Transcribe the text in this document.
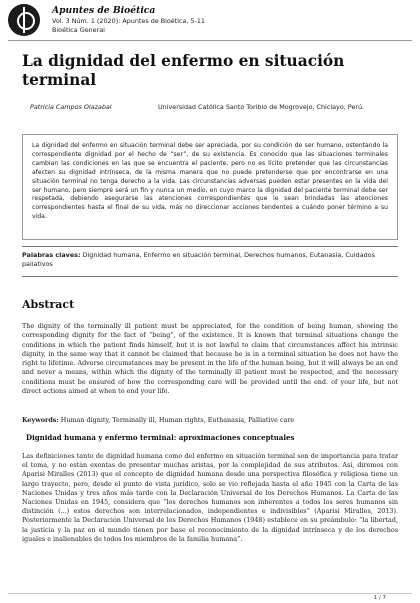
Apuntes de Bioética
Vol. 3 Núm. 1 (2020): Apuntes de Bioética, 5-11
Bioética General
La dignidad del enfermo en situación terminal
Patricia Campos Olazabal	Universidad Católica Santo Toribio de Mogrovejo, Chiclayo, Perú.

La dignidad del enfermo en situación terminal debe ser apreciada, por su condición de ser humano, ostentando la correspondiente dignidad por el hecho de “ser”, de su existencia. Es conocido que las situaciones terminales cambian las condiciones en las que se encuentra el paciente, pero no es lícito pretender que las circunstancias afecten su dignidad intrínseca, de la misma manera que no puede pretenderse que por encontrarse en una situación terminal no tenga derecho a la vida. Las circunstancias adversas pueden estar presentes en la vida del ser humano, pero siempre será un fin y nunca un medio, en cuyo marco la dignidad del paciente terminal debe ser respetada, debiendo asegurarse las atenciones correspondientes que le sean brindadas las atenciones correspondientes hasta el final de su vida, más no direccionar acciones tendentes a cuándo poner término a su vida.

Palabras claves: Dignidad humana, Enfermo en situación terminal, Derechos humanos, Eutanasia, Cuidados paliativos
Abstract

The dignity of the terminally ill patient must be appreciated, for the condition of being human, showing the corresponding dignity for the fact of “being”, of the existence. It is known that terminal situations change the conditions in which the patient finds himself, but it is not lawful to claim that circumstances affect his intrinsic dignity, in the same way that it cannot be claimed that because he is in a terminal situation he does not have the right to lifetime. Adverse circumstances may be present in the life of the human being, but it will always be an end and never a means, within which the dignity of the terminally ill patient must be respected, and the necessary conditions must be ensured of how the corresponding care will be provided until the end. of your life, but not direct actions aimed at when to end your life.

Keywords: Human dignity, Terminally ill, Human rights, Euthanasia, Palliative care
Dignidad humana y enfermo terminal: aproximaciones conceptuales

Las definiciones tanto de dignidad humana como del enfermo en situación terminal son de importancia para tratar el tema, y no están exentas de presentar muchas aristas, por la complejidad de sus atributos. Así, diremos con Aparisi Miralles (2013) que el concepto de dignidad humana desde una perspectiva filosófica y religiosa tiene un largo trayecto, pero, desde el punto de vista jurídico, solo se vio reflejada hasta el año 1945 con la Carta de las Naciones Unidas y tres años más tarde con la Declaración Universal de los Derechos Humanos. La Carta de las Naciones Unidas en 1945, considera que “los derechos humanos son inherentes a todos los seres humanos sin distinción (...) estos derechos son interrelacionados, independientes e indivisibles” (Aparisi Miralles, 2013). Posteriormente la Declaración Universal de los Derechos Humanos (1948) establece en su preámbulo: “la libertad, la justicia y la paz en el mundo tienen por base el reconocimiento de la dignidad intrínseca y de los derechos iguales e inalienables de todos los miembros de la familia humana”.

1 / 7
